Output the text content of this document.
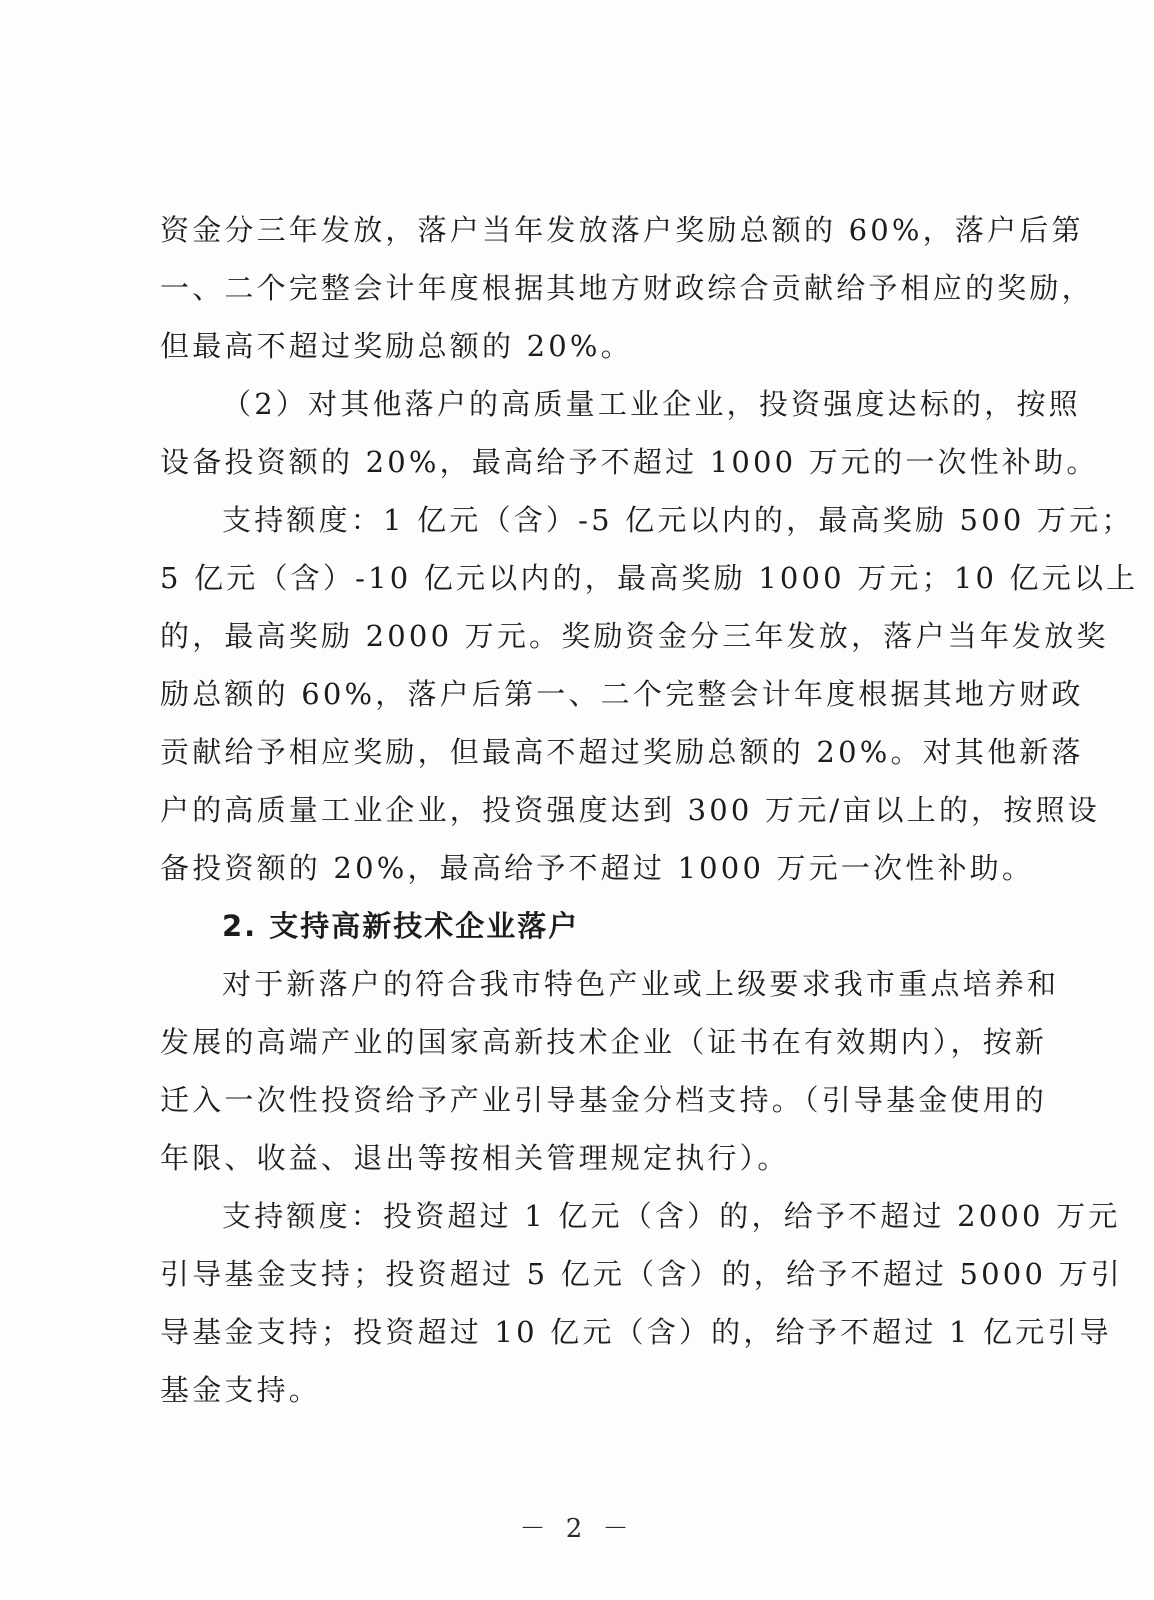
资金分三年发放，落户当年发放落户奖励总额的 60%，落户后第
一、二个完整会计年度根据其地方财政综合贡献给予相应的奖励，
但最高不超过奖励总额的 20%。
（2）对其他落户的高质量工业企业，投资强度达标的，按照
设备投资额的 20%，最高给予不超过 1000 万元的一次性补助。
支持额度：1 亿元（含）-5 亿元以内的，最高奖励 500 万元；
5 亿元（含）-10 亿元以内的，最高奖励 1000 万元；10 亿元以上
的，最高奖励 2000 万元。奖励资金分三年发放，落户当年发放奖
励总额的 60%，落户后第一、二个完整会计年度根据其地方财政
贡献给予相应奖励，但最高不超过奖励总额的 20%。对其他新落
户的高质量工业企业，投资强度达到 300 万元/亩以上的，按照设
备投资额的 20%，最高给予不超过 1000 万元一次性补助。
2. 支持高新技术企业落户
对于新落户的符合我市特色产业或上级要求我市重点培养和
发展的高端产业的国家高新技术企业（证书在有效期内），按新
迁入一次性投资给予产业引导基金分档支持。（引导基金使用的
年限、收益、退出等按相关管理规定执行）。
支持额度：投资超过 1 亿元（含）的，给予不超过 2000 万元
引导基金支持；投资超过 5 亿元（含）的，给予不超过 5000 万引
导基金支持；投资超过 10 亿元（含）的，给予不超过 1 亿元引导
基金支持。
－ 2 －
